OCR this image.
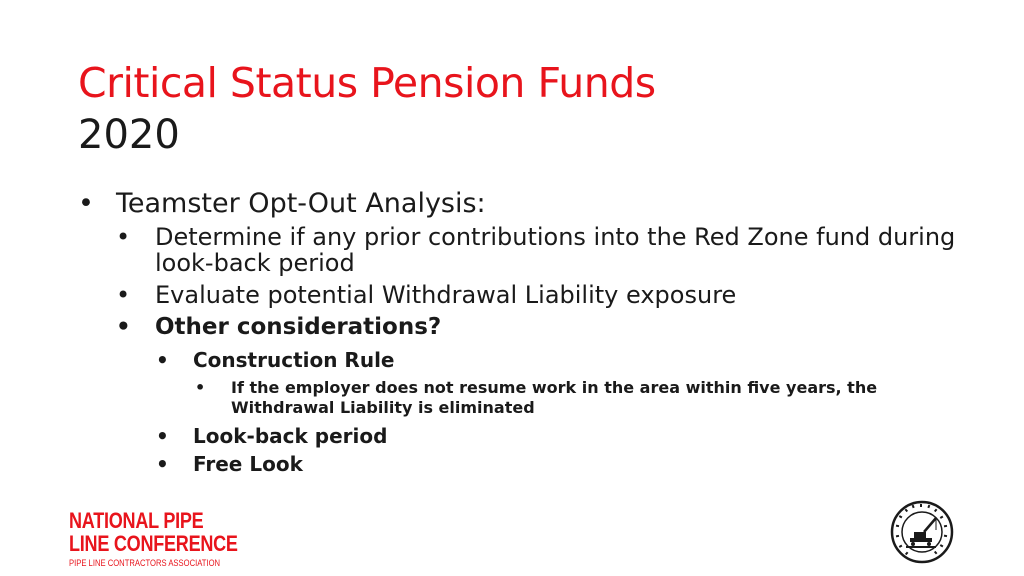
Critical Status Pension Funds
2020
• Teamster Opt-Out Analysis:
• Determine if any prior contributions into the Red Zone fund during look-back period
• Evaluate potential Withdrawal Liability exposure
• Other considerations?
• Construction Rule
• If the employer does not resume work in the area within five years, the Withdrawal Liability is eliminated
• Look-back period
• Free Look
NATIONAL PIPE
LINE CONFERENCE
PIPE LINE CONTRACTORS ASSOCIATION
